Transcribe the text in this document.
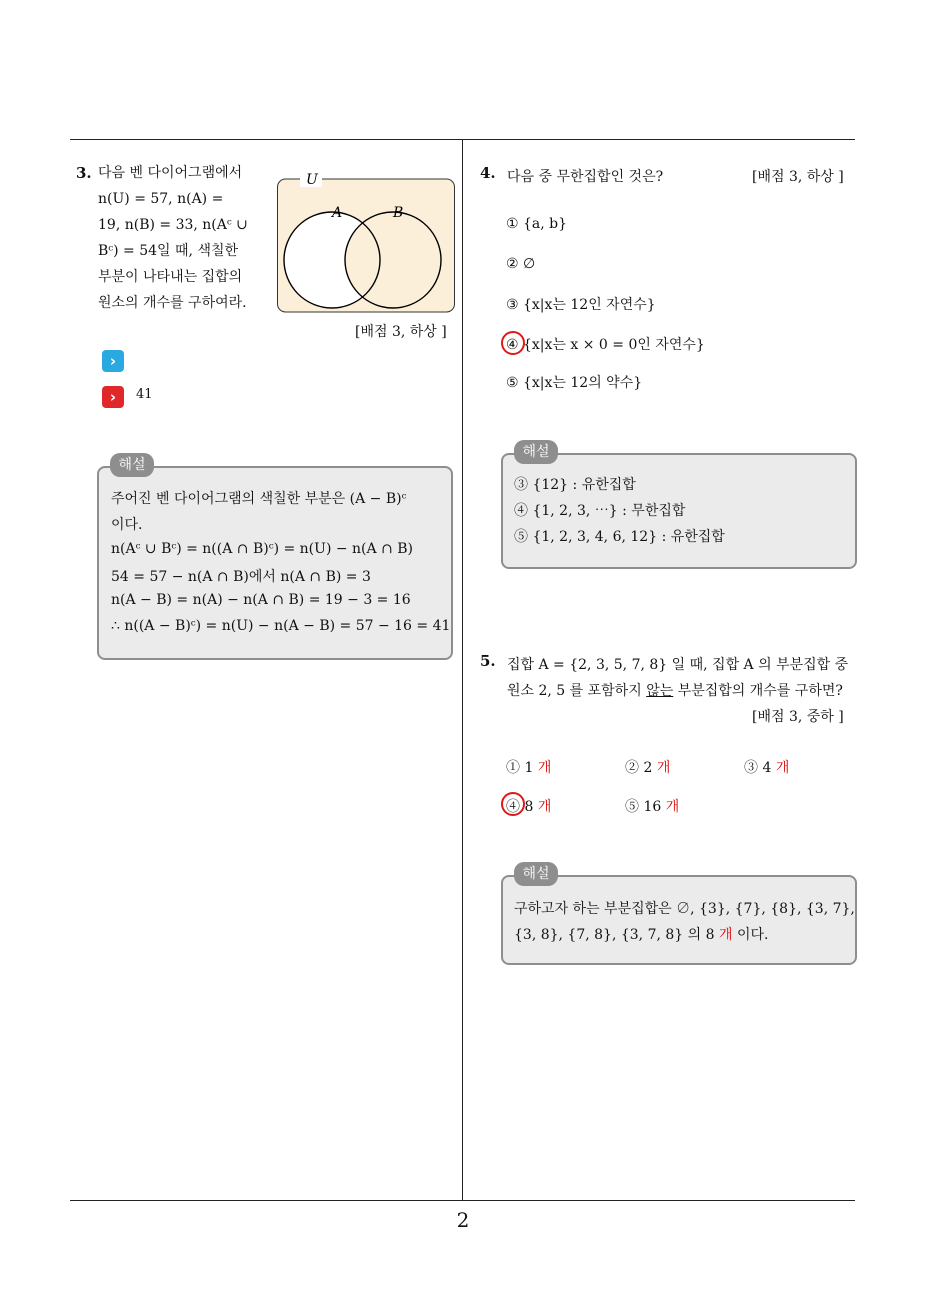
3. 다음 벤 다이어그램에서
n(U) = 57, n(A) =
19, n(B) = 33, n(Aᶜ ∪
Bᶜ) = 54일 때, 색칠한
부분이 나타내는 집합의
원소의 개수를 구하여라.
U
A	B
[배점 3, 하상 ]
›
›	41
해설
주어진 벤 다이어그램의 색칠한 부분은 (A − B)ᶜ
이다.
n(Aᶜ ∪ Bᶜ) = n((A ∩ B)ᶜ) = n(U) − n(A ∩ B)
54 = 57 − n(A ∩ B)에서 n(A ∩ B) = 3
n(A − B) = n(A) − n(A ∩ B) = 19 − 3 = 16
∴ n((A − B)ᶜ) = n(U) − n(A − B) = 57 − 16 = 41
4. 다음 중 무한집합인 것은?	[배점 3, 하상 ]
① {a, b}
② ∅
③ {x|x는 12인 자연수}
④ {x|x는 x × 0 = 0인 자연수}
⑤ {x|x는 12의 약수}
해설
③ {12} : 유한집합
④ {1, 2, 3, ⋯} : 무한집합
⑤ {1, 2, 3, 4, 6, 12} : 유한집합
5. 집합 A = {2, 3, 5, 7, 8} 일 때, 집합 A 의 부분집합 중
원소 2, 5 를 포함하지 않는 부분집합의 개수를 구하면?
[배점 3, 중하 ]
① 1 개	② 2 개	③ 4 개
④ 8 개	⑤ 16 개
해설
구하고자 하는 부분집합은 ∅, {3}, {7}, {8}, {3, 7},
{3, 8}, {7, 8}, {3, 7, 8} 의 8 개 이다.
2
